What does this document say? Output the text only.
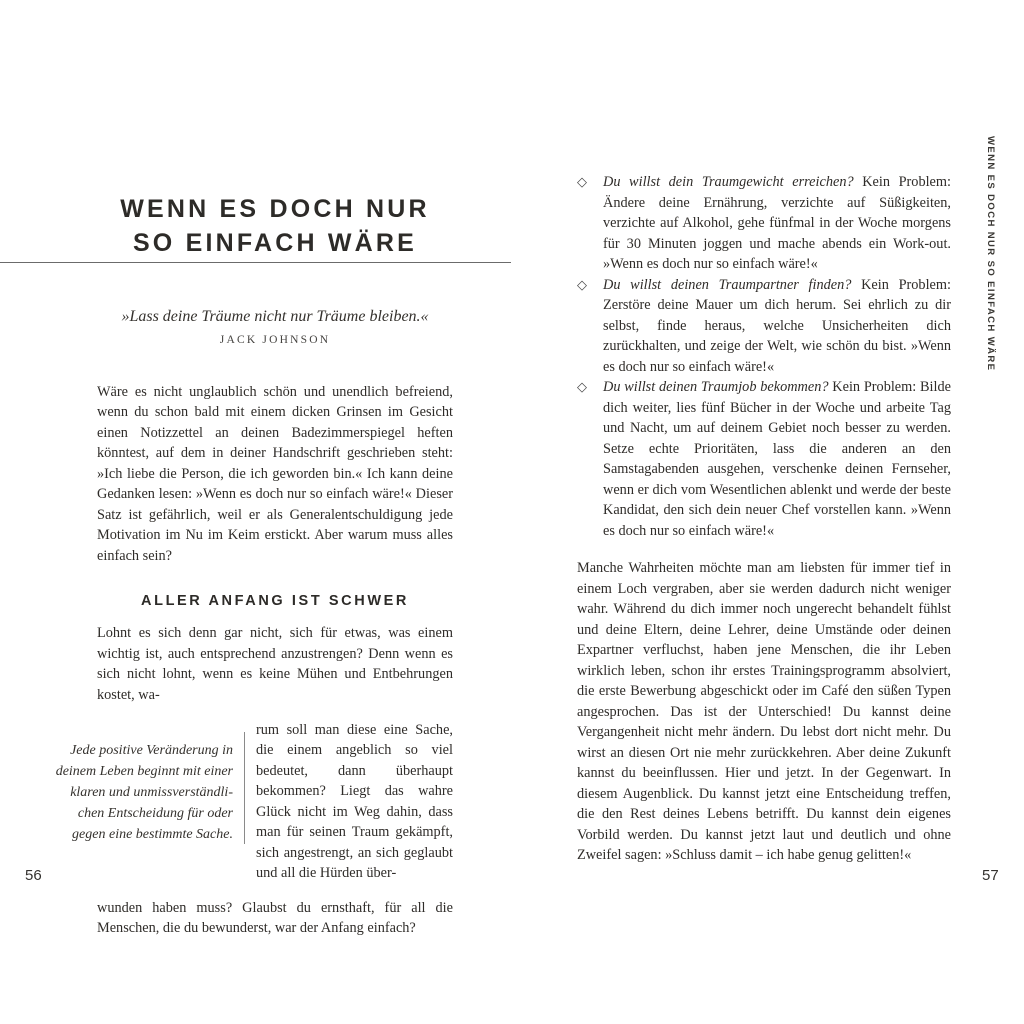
WENN ES DOCH NUR
SO EINFACH WÄRE
»Lass deine Träume nicht nur Träume bleiben.«
JACK JOHNSON

Wäre es nicht unglaublich schön und unendlich befreiend, wenn du schon bald mit einem dicken Grinsen im Gesicht einen Notizzettel an deinen Badezimmerspiegel heften könntest, auf dem in deiner Handschrift geschrieben steht: »Ich liebe die Person, die ich geworden bin.« Ich kann deine Gedanken lesen: »Wenn es doch nur so einfach wäre!« Dieser Satz ist gefährlich, weil er als Generalentschuldigung jede Motivation im Nu im Keim erstickt. Aber warum muss alles einfach sein?

ALLER ANFANG IST SCHWER

Lohnt es sich denn gar nicht, sich für etwas, was einem wichtig ist, auch entsprechend anzustrengen? Denn wenn es sich nicht lohnt, wenn es keine Mühen und Entbehrungen kostet, wa-

Jede positive Veränderung in
deinem Leben beginnt mit einer
klaren und unmissverständli-
chen Entscheidung für oder
gegen eine bestimmte Sache.
rum soll man diese eine Sache, die einem angeblich so viel bedeutet, dann überhaupt bekommen? Liegt das wahre Glück nicht im Weg dahin, dass man für seinen Traum gekämpft, sich angestrengt, an sich geglaubt und all die Hürden über-

wunden haben muss? Glaubst du ernsthaft, für all die Menschen, die du bewunderst, war der Anfang einfach?

56
◇	Du willst dein Traumgewicht erreichen? Kein Problem: Ändere deine Ernährung, verzichte auf Süßigkeiten, verzichte auf Alkohol, gehe fünfmal in der Woche morgens für 30 Minuten joggen und mache abends ein Work-out. »Wenn es doch nur so einfach wäre!«
◇	Du willst deinen Traumpartner finden? Kein Problem: Zerstöre deine Mauer um dich herum. Sei ehrlich zu dir selbst, finde heraus, welche Unsicherheiten dich zurückhalten, und zeige der Welt, wie schön du bist. »Wenn es doch nur so einfach wäre!«
◇	Du willst deinen Traumjob bekommen? Kein Problem: Bilde dich weiter, lies fünf Bücher in der Woche und arbeite Tag und Nacht, um auf deinem Gebiet noch besser zu werden. Setze echte Prioritäten, lass die anderen an den Samstagabenden ausgehen, verschenke deinen Fernseher, wenn er dich vom Wesentlichen ablenkt und werde der beste Kandidat, den sich dein neuer Chef vorstellen kann. »Wenn es doch nur so einfach wäre!«

Manche Wahrheiten möchte man am liebsten für immer tief in einem Loch vergraben, aber sie werden dadurch nicht weniger wahr. Während du dich immer noch ungerecht behandelt fühlst und deine Eltern, deine Lehrer, deine Umstände oder deinen Expartner verfluchst, haben jene Menschen, die ihr Leben wirklich leben, schon ihr erstes Trainingsprogramm absolviert, die erste Bewerbung abgeschickt oder im Café den süßen Typen angesprochen. Das ist der Unterschied! Du kannst deine Vergangenheit nicht mehr ändern. Du lebst dort nicht mehr. Du wirst an diesen Ort nie mehr zurückkehren. Aber deine Zukunft kannst du beeinflussen. Hier und jetzt. In der Gegenwart. In diesem Augenblick. Du kannst jetzt eine Entscheidung treffen, die den Rest deines Lebens betrifft. Du kannst dein eigenes Vorbild werden. Du kannst jetzt laut und deutlich und ohne Zweifel sagen: »Schluss damit – ich habe genug gelitten!«

WENN ES DOCH NUR SO EINFACH WÄRE
57
